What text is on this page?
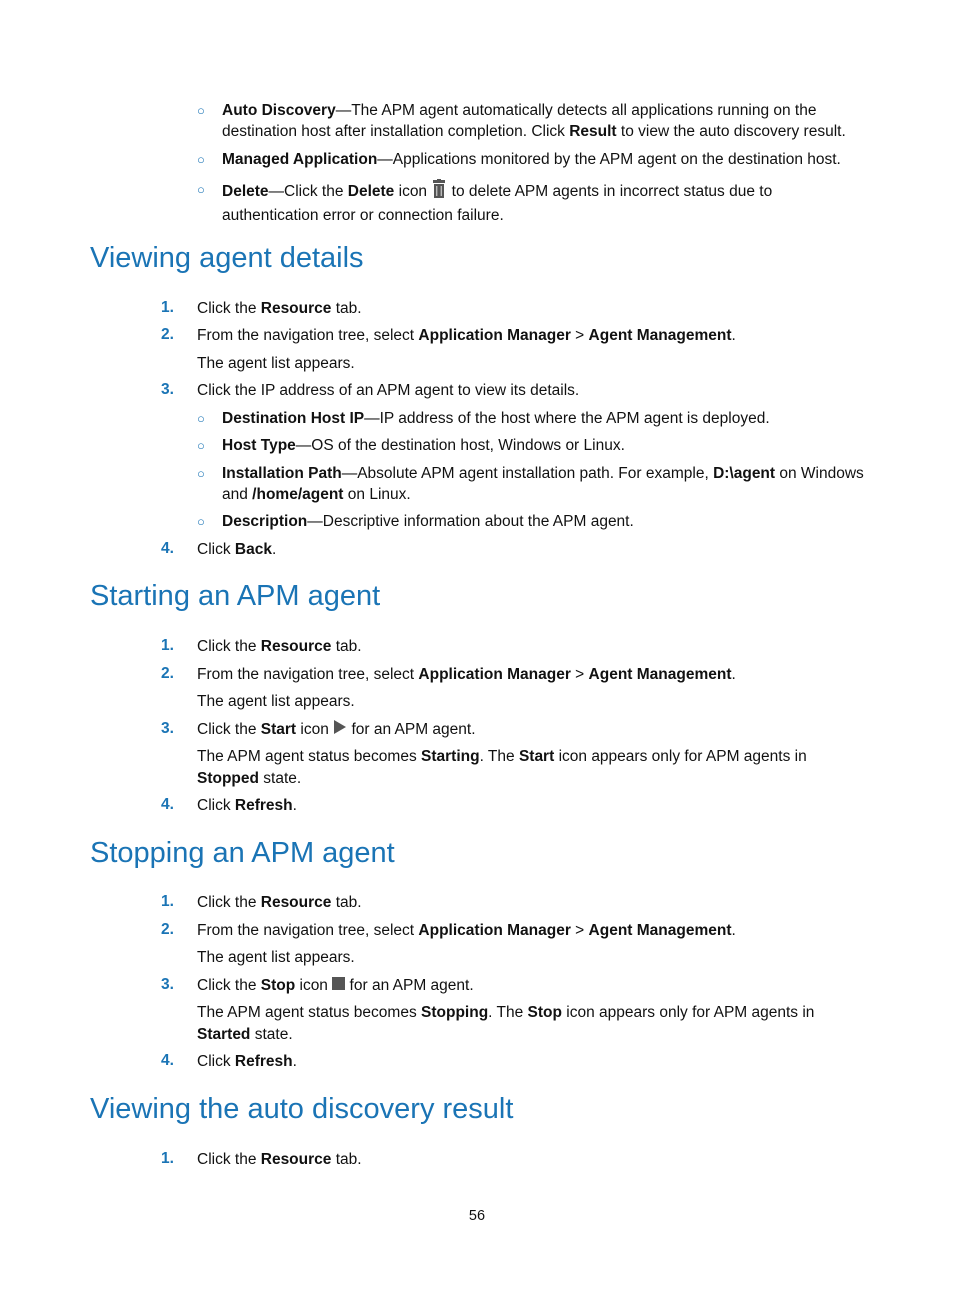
○ Auto Discovery—The APM agent automatically detects all applications running on the destination host after installation completion. Click Result to view the auto discovery result.
○ Managed Application—Applications monitored by the APM agent on the destination host.
○ Delete—Click the Delete icon  to delete APM agents in incorrect status due to authentication error or connection failure.
Viewing agent details
1. Click the Resource tab.
2. From the navigation tree, select Application Manager > Agent Management.
The agent list appears.
3. Click the IP address of an APM agent to view its details.
○ Destination Host IP—IP address of the host where the APM agent is deployed.
○ Host Type—OS of the destination host, Windows or Linux.
○ Installation Path—Absolute APM agent installation path. For example, D:\agent on Windows and /home/agent on Linux.
○ Description—Descriptive information about the APM agent.
4. Click Back.
Starting an APM agent
1. Click the Resource tab.
2. From the navigation tree, select Application Manager > Agent Management.
The agent list appears.
3. Click the Start icon  for an APM agent.
The APM agent status becomes Starting. The Start icon appears only for APM agents in Stopped state.
4. Click Refresh.
Stopping an APM agent
1. Click the Resource tab.
2. From the navigation tree, select Application Manager > Agent Management.
The agent list appears.
3. Click the Stop icon  for an APM agent.
The APM agent status becomes Stopping. The Stop icon appears only for APM agents in Started state.
4. Click Refresh.
Viewing the auto discovery result
1. Click the Resource tab.
56
